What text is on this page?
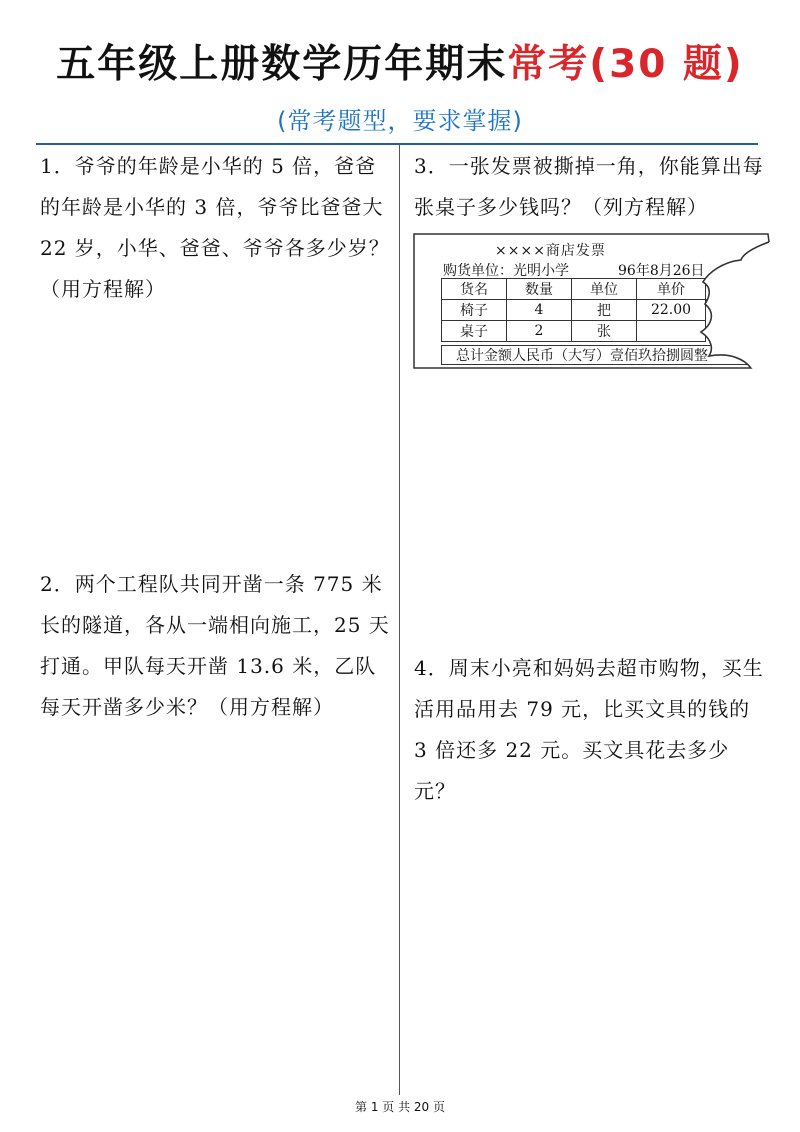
五年级上册数学历年期末常考(30 题)
(常考题型，要求掌握)

1．爷爷的年龄是小华的 5 倍，爸爸的年龄是小华的 3 倍，爷爷比爸爸大 22 岁，小华、爸爸、爷爷各多少岁？（用方程解）

2．两个工程队共同开凿一条 775 米长的隧道，各从一端相向施工，25 天打通。甲队每天开凿 13.6 米，乙队每天开凿多少米？（用方程解）

3．一张发票被撕掉一角，你能算出每张桌子多少钱吗？（列方程解）

4．周末小亮和妈妈去超市购物，买生活用品用去 79 元，比买文具的钱的 3 倍还多 22 元。买文具花去多少元？

××××商店发票
购货单位：光明小学	96年8月26日
货名	数量	单位	单价	
椅子	4	把	22.00	
桌子	2	张		
总计金额人民币（大写）壹佰玖拾捌圆整
第 1 页 共 20 页
